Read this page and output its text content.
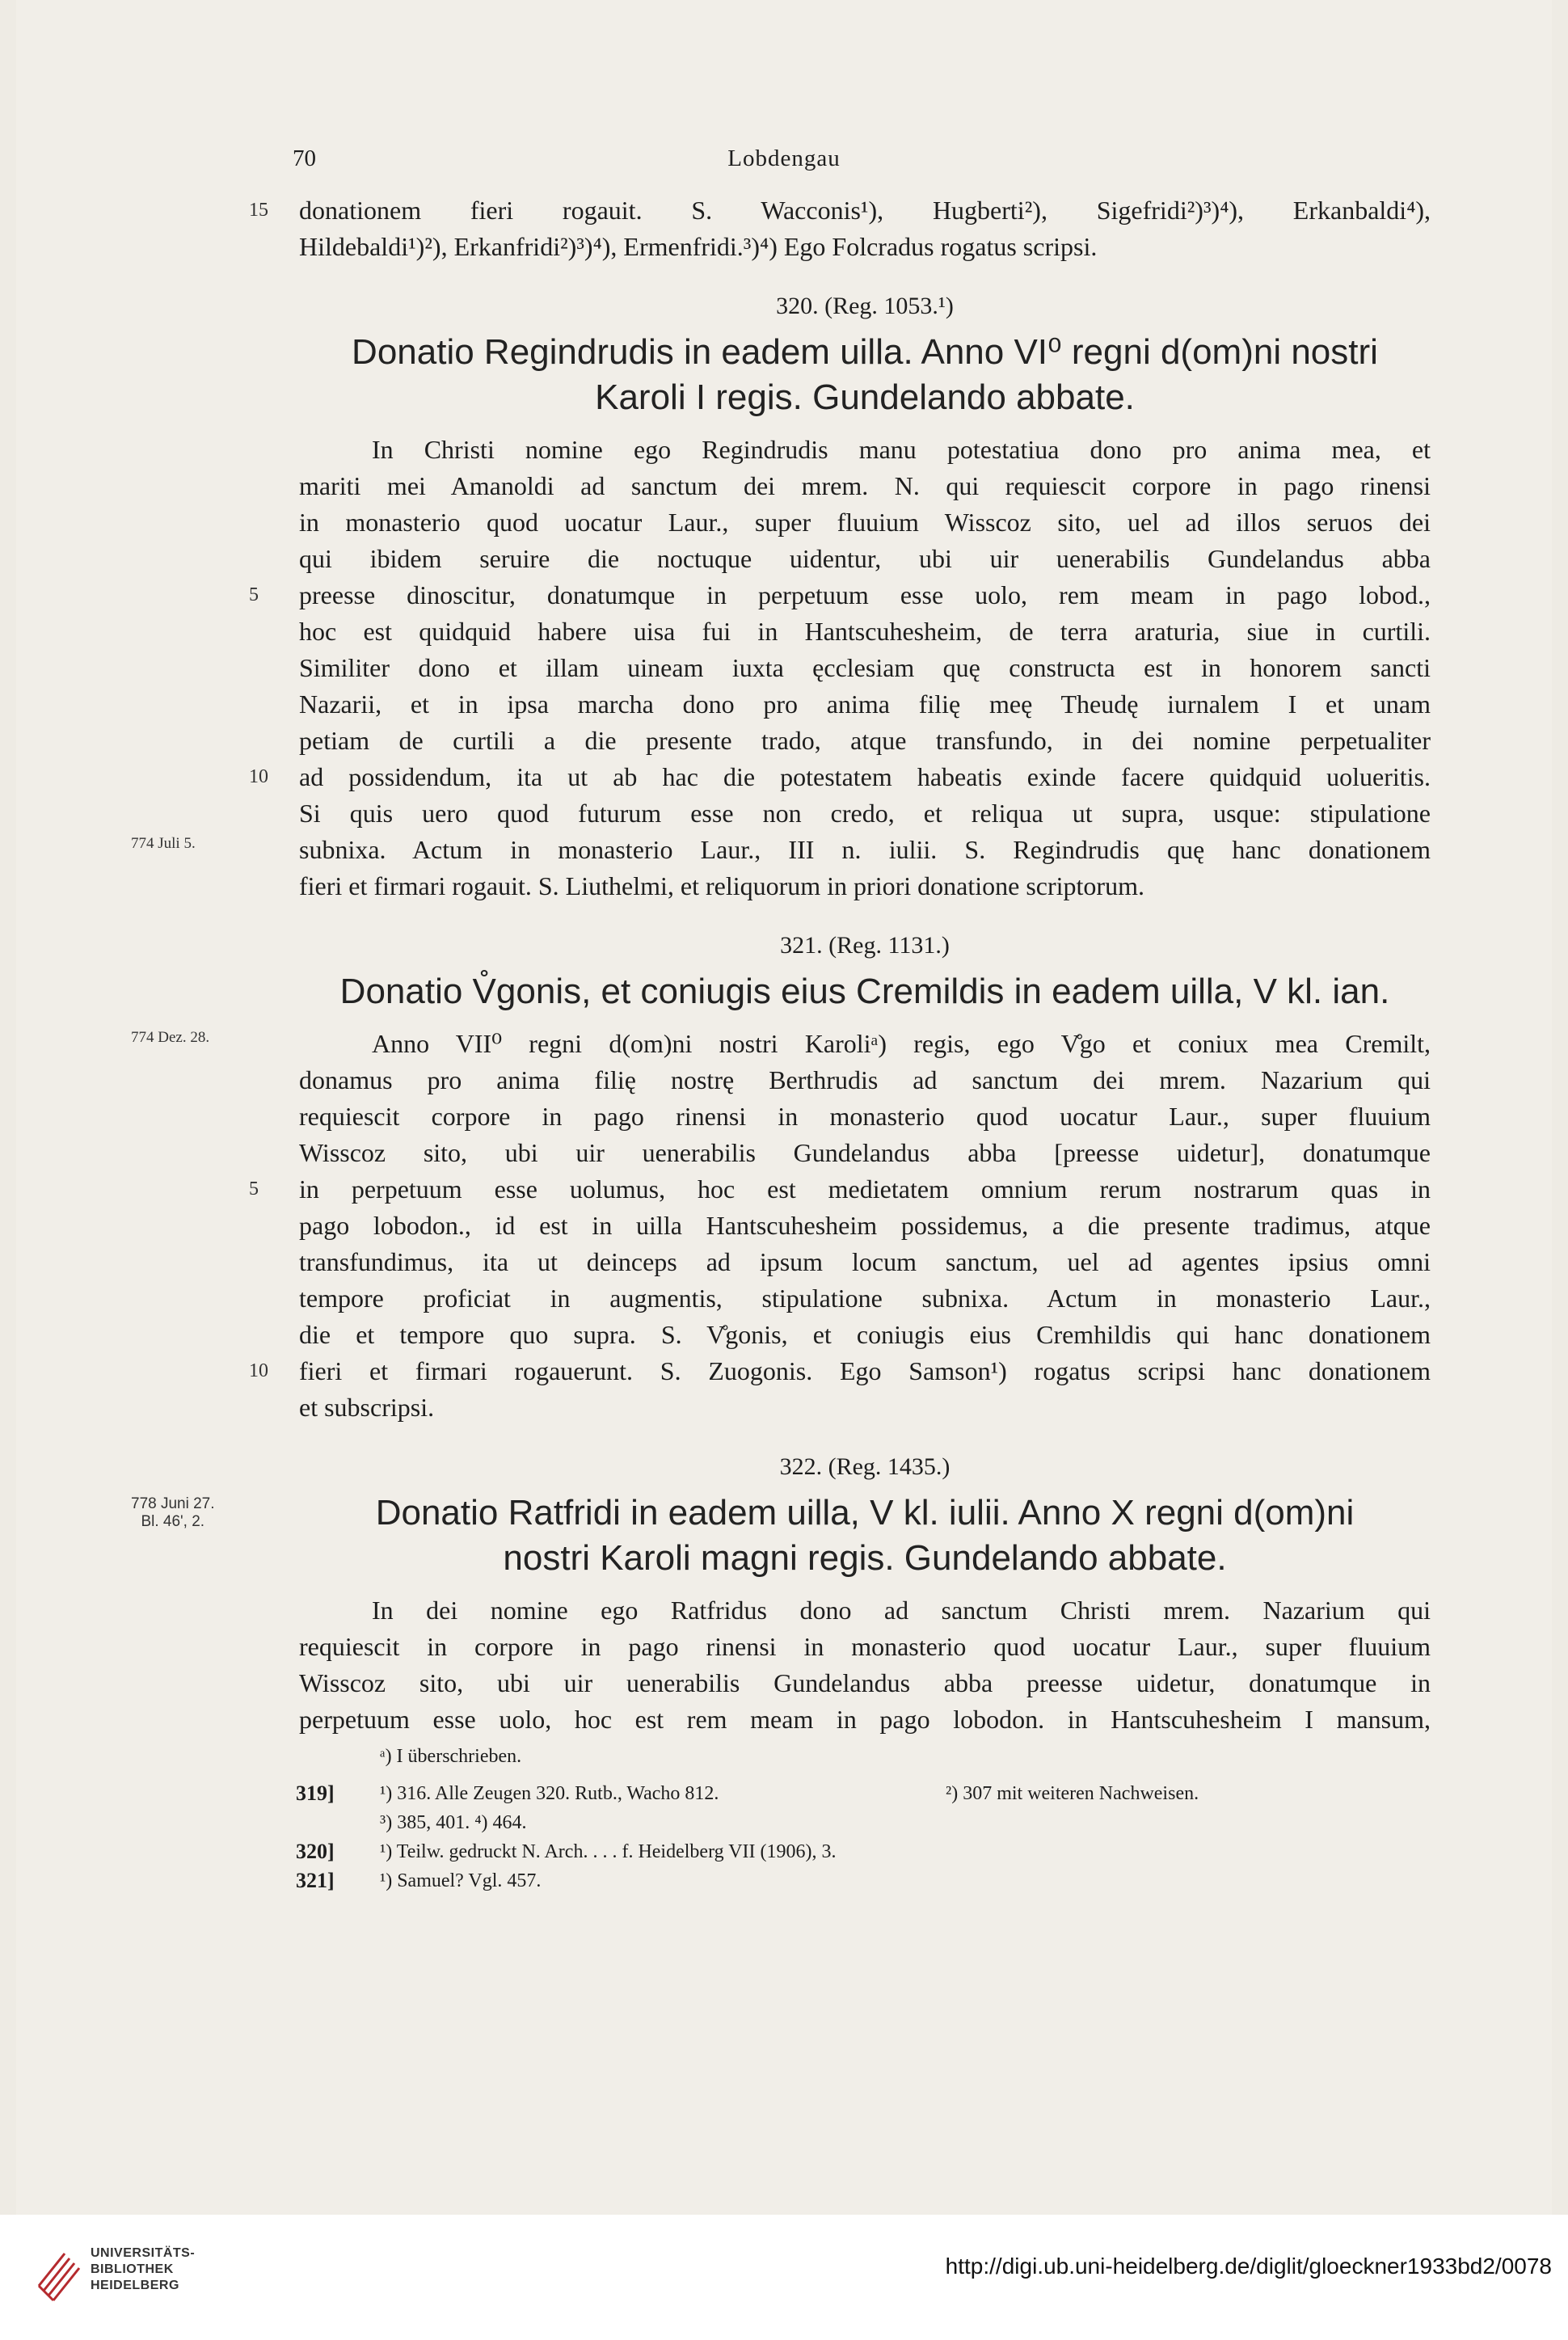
70	Lobdengau
donationem fieri rogauit. S. Wacconis¹), Hugberti²), Sigefridi²)³)⁴), Erkanbaldi⁴),
15
Hildebaldi¹)²), Erkanfridi²)³)⁴), Ermenfridi.³)⁴) Ego Folcradus rogatus scripsi.
320. (Reg. 1053.¹)
Donatio Regindrudis in eadem uilla. Anno VI⁰ regni d(om)ni nostri
Karoli I regis. Gundelando abbate.
In Christi nomine ego Regindrudis manu potestatiua dono pro anima mea, et
mariti mei Amanoldi ad sanctum dei mrem. N. qui requiescit corpore in pago rinensi
in monasterio quod uocatur Laur., super fluuium Wisscoz sito, uel ad illos seruos dei
qui ibidem seruire die noctuque uidentur, ubi uir uenerabilis Gundelandus abba
preesse dinoscitur, donatumque in perpetuum esse uolo, rem meam in pago lobod.,
5
hoc est quidquid habere uisa fui in Hantscuhesheim, de terra araturia, siue in curtili.
Similiter dono et illam uineam iuxta ęcclesiam quę constructa est in honorem sancti
Nazarii, et in ipsa marcha dono pro anima filię meę Theudę iurnalem I et unam
petiam de curtili a die presente trado, atque transfundo, in dei nomine perpetualiter
ad possidendum, ita ut ab hac die potestatem habeatis exinde facere quidquid uolueritis.
10
Si quis uero quod futurum esse non credo, et reliqua ut supra, usque: stipulatione
subnixa. Actum in monasterio Laur., III n. iulii. S. Regindrudis quę hanc donationem
774 Juli 5.
fieri et firmari rogauit. S. Liuthelmi, et reliquorum in priori donatione scriptorum.
321. (Reg. 1131.)
Donatio V̊gonis, et coniugis eius Cremildis in eadem uilla, V kl. ian.
Anno VII⁰ regni d(om)ni nostri Karoliᵃ) regis, ego V̊go et coniux mea Cremilt,
774 Dez. 28.
donamus pro anima filię nostrę Berthrudis ad sanctum dei mrem. Nazarium qui
requiescit corpore in pago rinensi in monasterio quod uocatur Laur., super fluuium
Wisscoz sito, ubi uir uenerabilis Gundelandus abba [preesse uidetur], donatumque
in perpetuum esse uolumus, hoc est medietatem omnium rerum nostrarum quas in
5
pago lobodon., id est in uilla Hantscuhesheim possidemus, a die presente tradimus, atque
transfundimus, ita ut deinceps ad ipsum locum sanctum, uel ad agentes ipsius omni
tempore proficiat in augmentis, stipulatione subnixa. Actum in monasterio Laur.,
die et tempore quo supra. S. V̊gonis, et coniugis eius Cremhildis qui hanc donationem
fieri et firmari rogauerunt. S. Zuogonis. Ego Samson¹) rogatus scripsi hanc donationem
10
et subscripsi.
322. (Reg. 1435.)
Donatio Ratfridi in eadem uilla, V kl. iulii. Anno X regni d(om)ni
778 Juni 27.
Bl. 46', 2.
nostri Karoli magni regis. Gundelando abbate.
In dei nomine ego Ratfridus dono ad sanctum Christi mrem. Nazarium qui
requiescit in corpore in pago rinensi in monasterio quod uocatur Laur., super fluuium
Wisscoz sito, ubi uir uenerabilis Gundelandus abba preesse uidetur, donatumque in
perpetuum esse uolo, hoc est rem meam in pago lobodon. in Hantscuhesheim I mansum,
ᵃ) I überschrieben.
319] ¹) 316. Alle Zeugen 320. Rutb., Wacho 812.	²) 307 mit weiteren Nachweisen.
³) 385, 401. ⁴) 464.
320] ¹) Teilw. gedruckt N. Arch. . . . f. Heidelberg VII (1906), 3.
321] ¹) Samuel? Vgl. 457.
UNIVERSITÄTS-
BIBLIOTHEK
HEIDELBERG
http://digi.ub.uni-heidelberg.de/diglit/gloeckner1933bd2/0078
